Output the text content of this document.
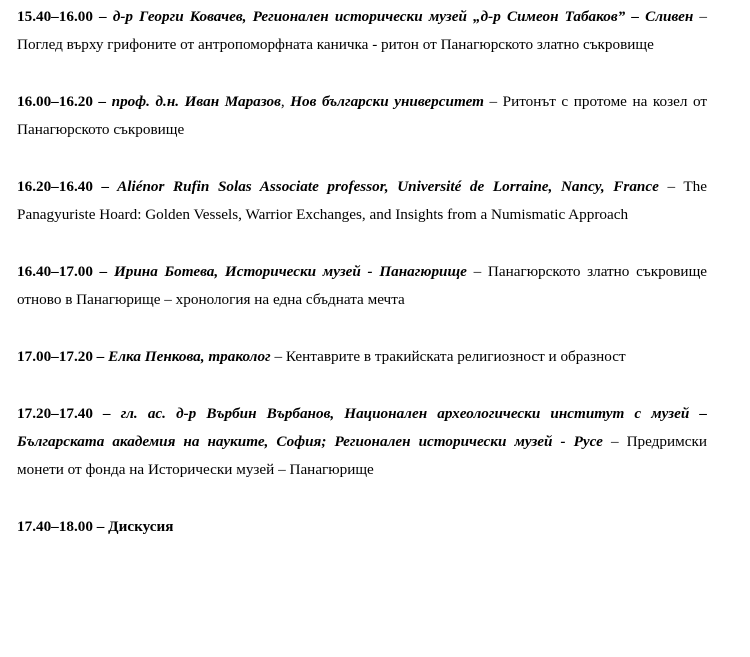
15.40–16.00 – д-р Георги Ковачев, Регионален исторически музей „д-р Симеон Табаков” – Сливен – Поглед върху грифоните от антропоморфната каничка - ритон от Панагюрското златно съкровище

16.00–16.20 – проф. д.н. Иван Маразов, Нов български университет – Ритонът с протоме на козел от Панагюрското съкровище

16.20–16.40 – Aliénor Rufin Solas Associate professor, Université de Lorraine, Nancy, France – The Panagyuriste Hoard: Golden Vessels, Warrior Exchanges, and Insights from a Numismatic Approach

16.40–17.00 – Ирина Ботева, Исторически музей - Панагюрище – Панагюрското златно съкровище отново в Панагюрище – хронология на една сбъдната мечта

17.00–17.20 – Елка Пенкова, траколог – Кентаврите в тракийската религиозност и образност

17.20–17.40 – гл. ас. д-р Върбин Върбанов, Национален археологически институт с музей – Българската академия на науките, София; Регионален исторически музей - Русе – Предримски монети от фонда на Исторически музей – Панагюрище

17.40–18.00 – Дискусия
